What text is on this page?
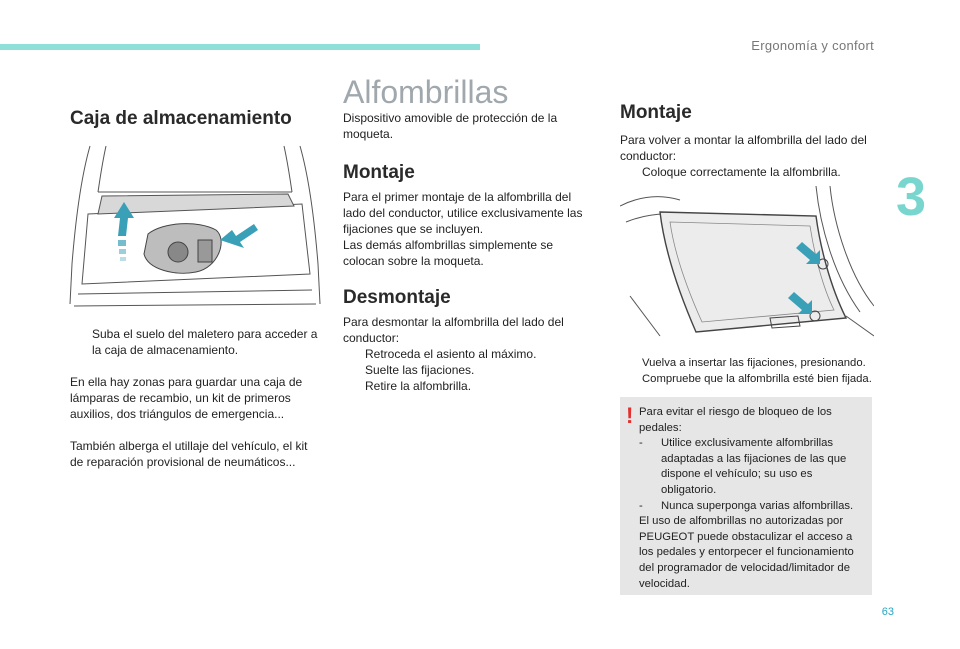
Ergonomía y confort
3
63
Caja de almacenamiento
Suba el suelo del maletero para acceder a la caja de almacenamiento.

En ella hay zonas para guardar una caja de lámparas de recambio, un kit de primeros auxilios, dos triángulos de emergencia...

También alberga el utillaje del vehículo, el kit de reparación provisional de neumáticos...

Alfombrillas

Dispositivo amovible de protección de la moqueta.

Montaje

Para el primer montaje de la alfombrilla del lado del conductor, utilice exclusivamente las fijaciones que se incluyen.

Las demás alfombrillas simplemente se colocan sobre la moqueta.

Desmontaje

Para desmontar la alfombrilla del lado del conductor:

Retroceda el asiento al máximo.
Suelte las fijaciones.
Retire la alfombrilla.
Montaje

Para volver a montar la alfombrilla del lado del conductor:

Coloque correctamente la alfombrilla.
Vuelva a insertar las fijaciones, presionando.
Compruebe que la alfombrilla esté bien fijada.
! Para evitar el riesgo de bloqueo de los pedales:

-	Utilice exclusivamente alfombrillas adaptadas a las fijaciones de las que dispone el vehículo; su uso es obligatorio.
-	Nunca superponga varias alfombrillas.

El uso de alfombrillas no autorizadas por PEUGEOT puede obstaculizar el acceso a los pedales y entorpecer el funcionamiento del programador de velocidad/limitador de velocidad.
